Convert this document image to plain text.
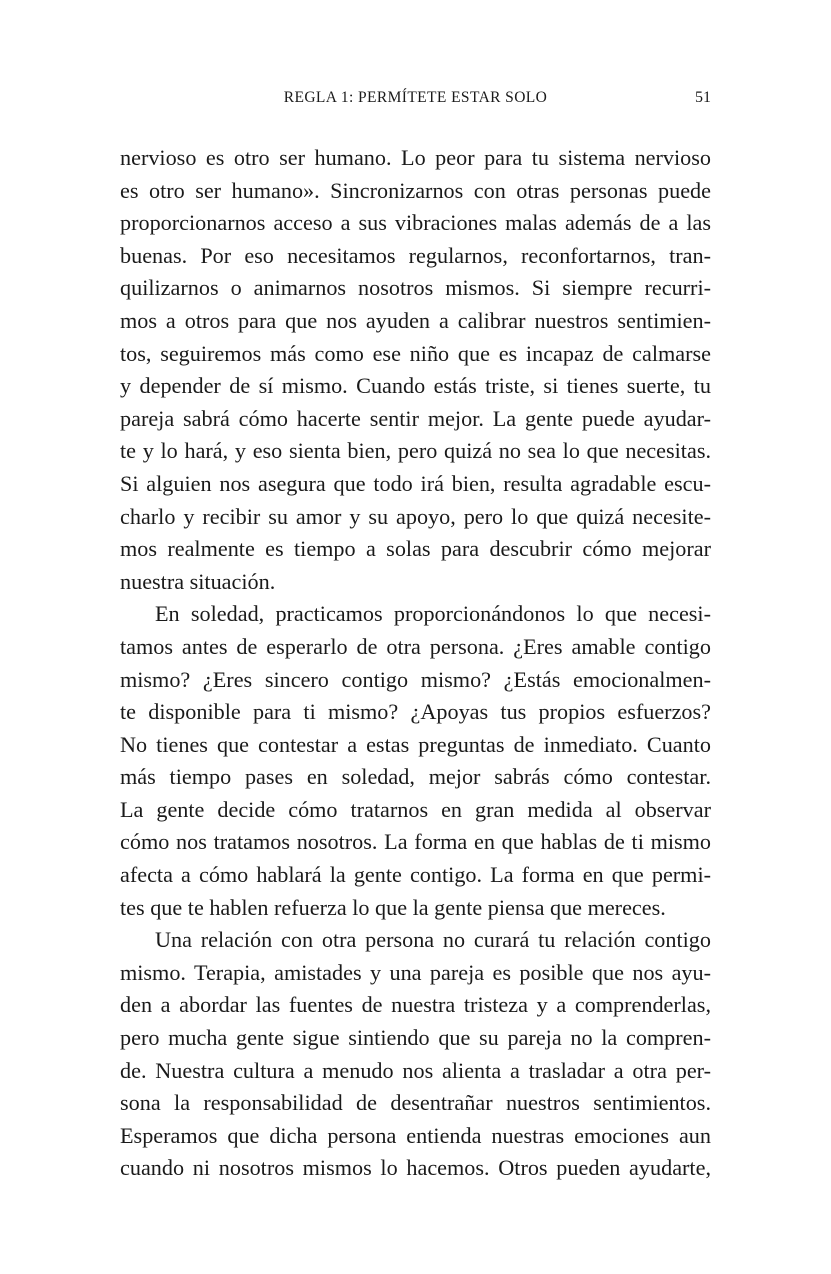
REGLA 1: PERMÍTETE ESTAR SOLO	51
nervioso es otro ser humano. Lo peor para tu sistema nervioso
es otro ser humano». Sincronizarnos con otras personas puede
proporcionarnos acceso a sus vibraciones malas además de a las
buenas. Por eso necesitamos regularnos, reconfortarnos, tran-
quilizarnos o animarnos nosotros mismos. Si siempre recurri-
mos a otros para que nos ayuden a calibrar nuestros sentimien-
tos, seguiremos más como ese niño que es incapaz de calmarse
y depender de sí mismo. Cuando estás triste, si tienes suerte, tu
pareja sabrá cómo hacerte sentir mejor. La gente puede ayudar-
te y lo hará, y eso sienta bien, pero quizá no sea lo que necesitas.
Si alguien nos asegura que todo irá bien, resulta agradable escu-
charlo y recibir su amor y su apoyo, pero lo que quizá necesite-
mos realmente es tiempo a solas para descubrir cómo mejorar
nuestra situación.
En soledad, practicamos proporcionándonos lo que necesi-
tamos antes de esperarlo de otra persona. ¿Eres amable contigo
mismo? ¿Eres sincero contigo mismo? ¿Estás emocionalmen-
te disponible para ti mismo? ¿Apoyas tus propios esfuerzos?
No tienes que contestar a estas preguntas de inmediato. Cuanto
más tiempo pases en soledad, mejor sabrás cómo contestar.
La gente decide cómo tratarnos en gran medida al observar
cómo nos tratamos nosotros. La forma en que hablas de ti mismo
afecta a cómo hablará la gente contigo. La forma en que permi-
tes que te hablen refuerza lo que la gente piensa que mereces.
Una relación con otra persona no curará tu relación contigo
mismo. Terapia, amistades y una pareja es posible que nos ayu-
den a abordar las fuentes de nuestra tristeza y a comprenderlas,
pero mucha gente sigue sintiendo que su pareja no la compren-
de. Nuestra cultura a menudo nos alienta a trasladar a otra per-
sona la responsabilidad de desentrañar nuestros sentimientos.
Esperamos que dicha persona entienda nuestras emociones aun
cuando ni nosotros mismos lo hacemos. Otros pueden ayudarte,
